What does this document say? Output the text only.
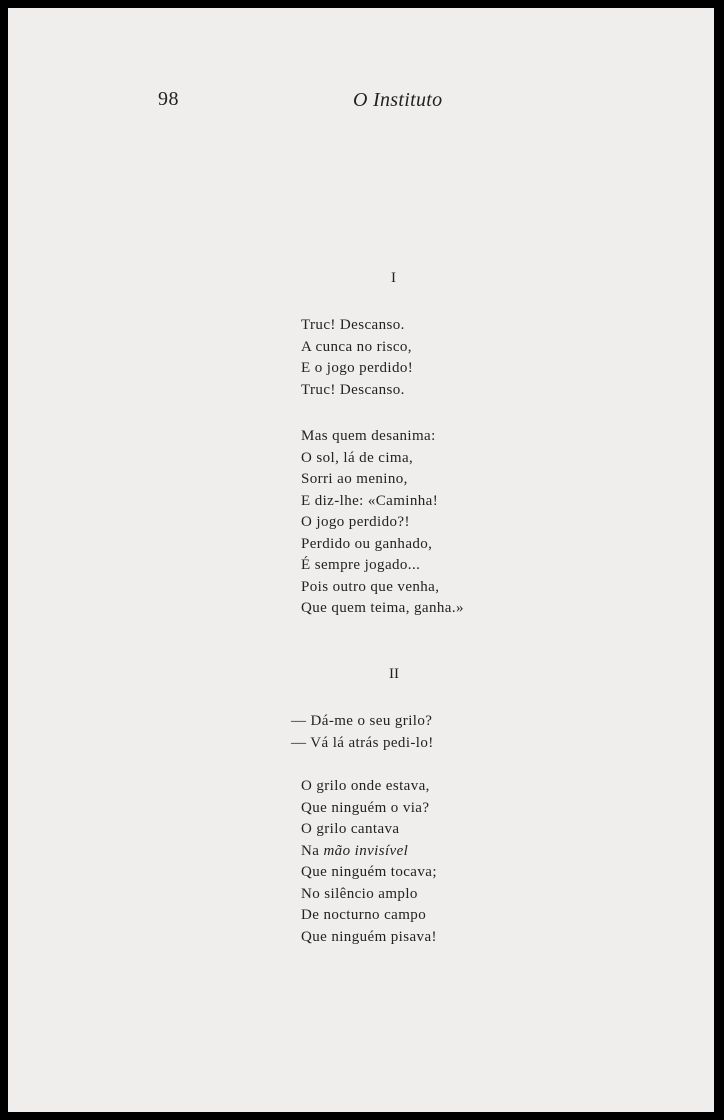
98	O Instituto
I
Truc! Descanso.
A cunca no risco,
E o jogo perdido!
Truc! Descanso.
Mas quem desanima:
O sol, lá de cima,
Sorri ao menino,
E diz-lhe: «Caminha!
O jogo perdido?!
Perdido ou ganhado,
É sempre jogado...
Pois outro que venha,
Que quem teima, ganha.»
II
— Dá-me o seu grilo?
— Vá lá atrás pedi-lo!
O grilo onde estava,
Que ninguém o via?
O grilo cantava
Na mão invisível
Que ninguém tocava;
No silêncio amplo
De nocturno campo
Que ninguém pisava!
